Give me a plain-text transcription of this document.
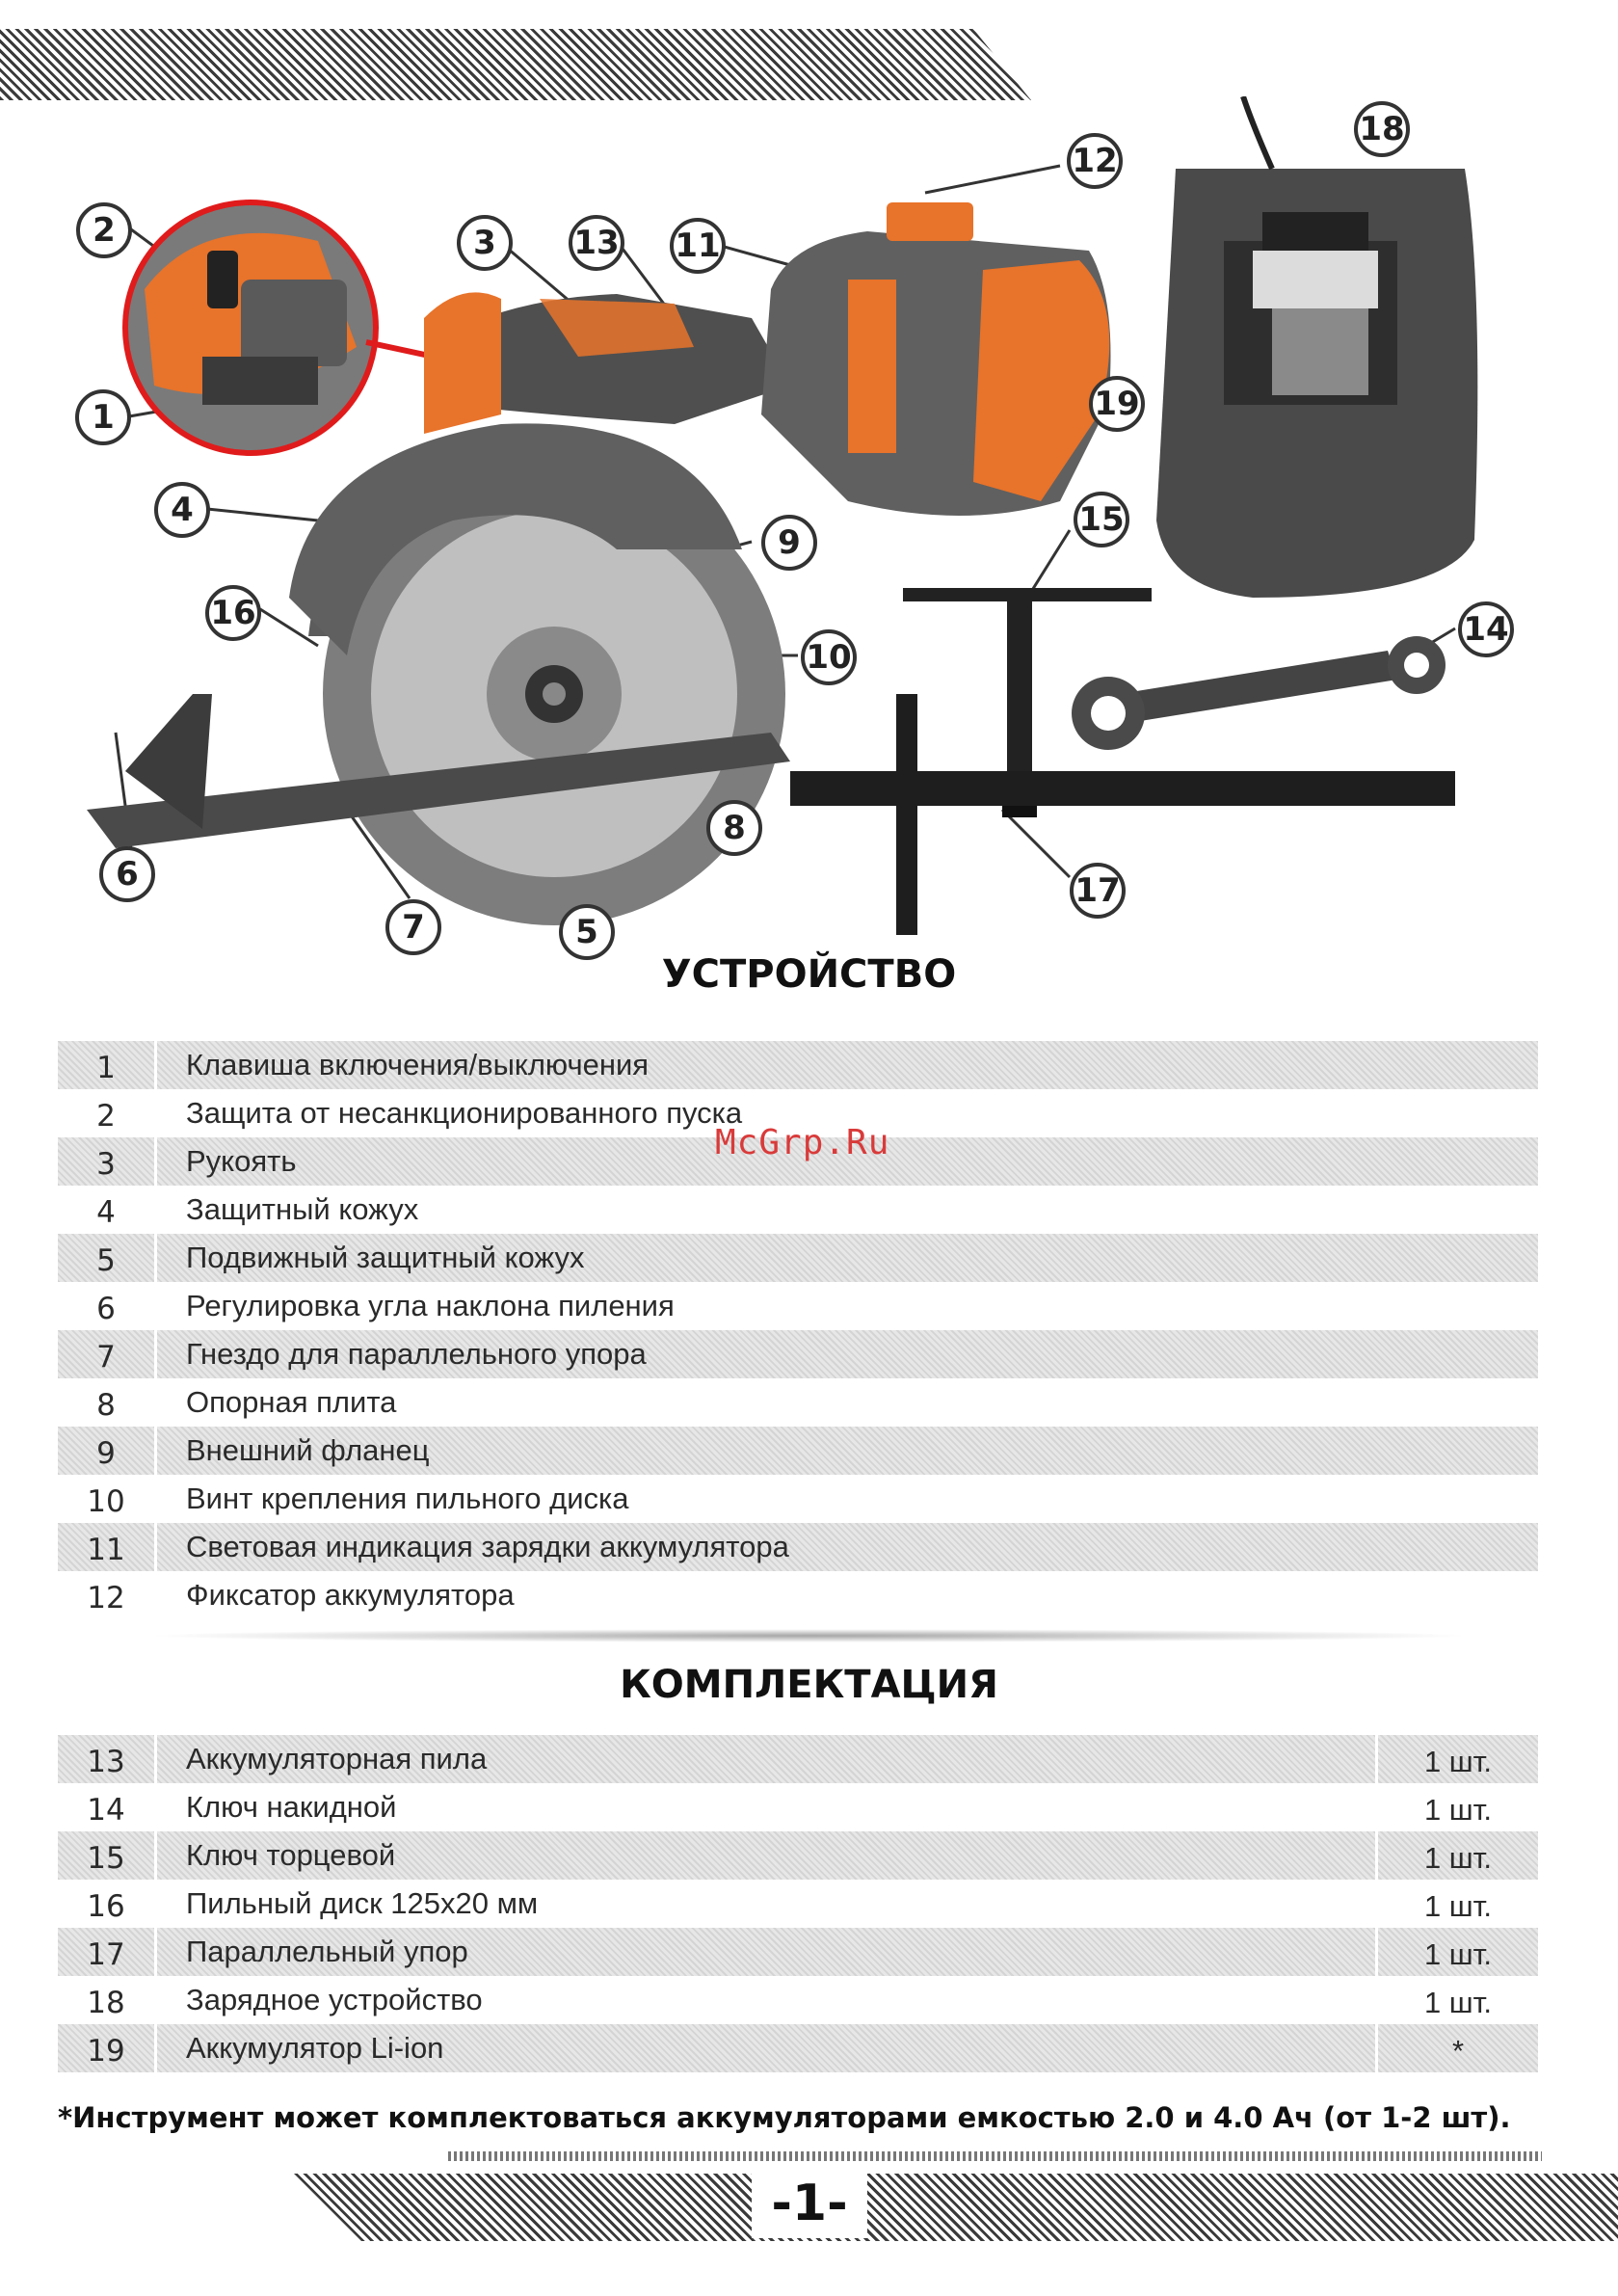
1
2	3
4
5
6
7
8
9
10
11
12
13
14
15
16
17
18
19
УСТРОЙСТВО
1	Клавиша включения/выключения
2	Защита от несанкционированного пуска
3	Рукоять
4	Защитный кожух
5	Подвижный защитный кожух
6	Регулировка угла наклона пиления
7	Гнездо для параллельного упора
8	Опорная плита
9	Внешний фланец
10	Винт крепления пильного диска
11	Световая индикация зарядки аккумулятора
12	Фиксатор аккумулятора
McGrp.Ru
КОМПЛЕКТАЦИЯ
13	Аккумуляторная пила	1 шт.
14	Ключ накидной	1 шт.
15	Ключ торцевой	1 шт.
16	Пильный диск 125х20 мм	1 шт.
17	Параллельный упор	1 шт.
18	Зарядное устройство	1 шт.
19	Аккумулятор Li-ion	*
*Инструмент может комплектоваться аккумуляторами емкостью 2.0 и 4.0 Ач (от 1-2 шт).
-1-
